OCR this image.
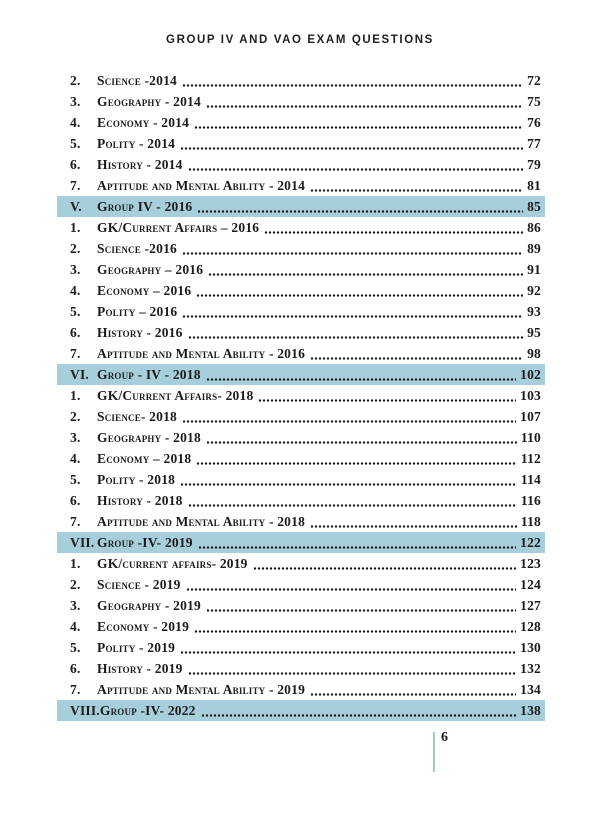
GROUP IV AND VAO EXAM QUESTIONS
2.	Science -2014	72
3.	Geography - 2014	75
4.	Economy - 2014	76
5.	Polity - 2014	77
6.	History - 2014	79
7.	Aptitude and Mental Ability - 2014	81
V.	Group IV - 2016	85
1.	GK/Current Affairs – 2016	86
2.	Science -2016	89
3.	Geography – 2016	91
4.	Economy – 2016	92
5.	Polity – 2016	93
6.	History - 2016	95
7.	Aptitude and Mental Ability - 2016	98
VI. Group - IV - 2018	102
1.	GK/Current Affairs- 2018	103
2.	Science- 2018	107
3.	Geography - 2018	110
4.	Economy – 2018	112
5.	Polity - 2018	114
6.	History - 2018	116
7.	Aptitude and Mental Ability - 2018	118
VII. Group -IV- 2019	122
1.	GK/current affairs- 2019	123
2.	Science - 2019	124
3.	Geography - 2019	127
4.	Economy - 2019	128
5.	Polity - 2019	130
6.	History - 2019	132
7.	Aptitude and Mental Ability - 2019	134
VIII. Group -IV- 2022	138
6
